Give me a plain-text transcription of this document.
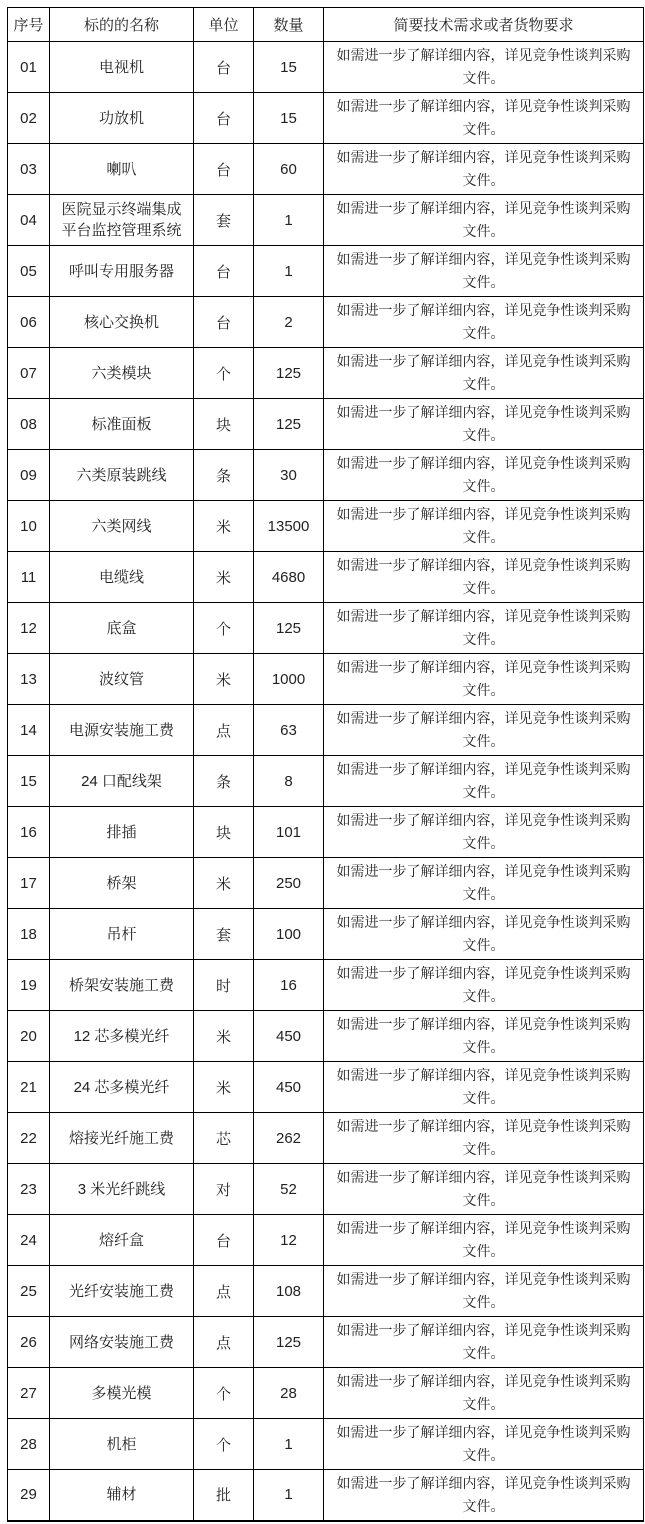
序号	标的的名称	单位	数量	简要技术需求或者货物要求
01	电视机	台	15	如需进一步了解详细内容，详见竞争性谈判采购
文件。

02	功放机	台	15	如需进一步了解详细内容，详见竞争性谈判采购
文件。

03	喇叭	台	60	如需进一步了解详细内容，详见竞争性谈判采购
文件。

04	医院显示终端集成平台监控管理系统	套	1	如需进一步了解详细内容，详见竞争性谈判采购
文件。

05	呼叫专用服务器	台	1	如需进一步了解详细内容，详见竞争性谈判采购
文件。

06	核心交换机	台	2	如需进一步了解详细内容，详见竞争性谈判采购
文件。

07	六类模块	个	125	如需进一步了解详细内容，详见竞争性谈判采购
文件。

08	标准面板	块	125	如需进一步了解详细内容，详见竞争性谈判采购
文件。

09	六类原装跳线	条	30	如需进一步了解详细内容，详见竞争性谈判采购
文件。

10	六类网线	米	13500	如需进一步了解详细内容，详见竞争性谈判采购
文件。

11	电缆线	米	4680	如需进一步了解详细内容，详见竞争性谈判采购
文件。

12	底盒	个	125	如需进一步了解详细内容，详见竞争性谈判采购
文件。

13	波纹管	米	1000	如需进一步了解详细内容，详见竞争性谈判采购
文件。

14	电源安装施工费	点	63	如需进一步了解详细内容，详见竞争性谈判采购
文件。

15	24 口配线架	条	8	如需进一步了解详细内容，详见竞争性谈判采购
文件。

16	排插	块	101	如需进一步了解详细内容，详见竞争性谈判采购
文件。

17	桥架	米	250	如需进一步了解详细内容，详见竞争性谈判采购
文件。

18	吊杆	套	100	如需进一步了解详细内容，详见竞争性谈判采购
文件。

19	桥架安装施工费	时	16	如需进一步了解详细内容，详见竞争性谈判采购
文件。

20	12 芯多模光纤	米	450	如需进一步了解详细内容，详见竞争性谈判采购
文件。

21	24 芯多模光纤	米	450	如需进一步了解详细内容，详见竞争性谈判采购
文件。

22	熔接光纤施工费	芯	262	如需进一步了解详细内容，详见竞争性谈判采购
文件。

23	3 米光纤跳线	对	52	如需进一步了解详细内容，详见竞争性谈判采购
文件。

24	熔纤盒	台	12	如需进一步了解详细内容，详见竞争性谈判采购
文件。

25	光纤安装施工费	点	108	如需进一步了解详细内容，详见竞争性谈判采购
文件。

26	网络安装施工费	点	125	如需进一步了解详细内容，详见竞争性谈判采购
文件。

27	多模光模	个	28	如需进一步了解详细内容，详见竞争性谈判采购
文件。

28	机柜	个	1	如需进一步了解详细内容，详见竞争性谈判采购
文件。

29	辅材	批	1	如需进一步了解详细内容，详见竞争性谈判采购
文件。
